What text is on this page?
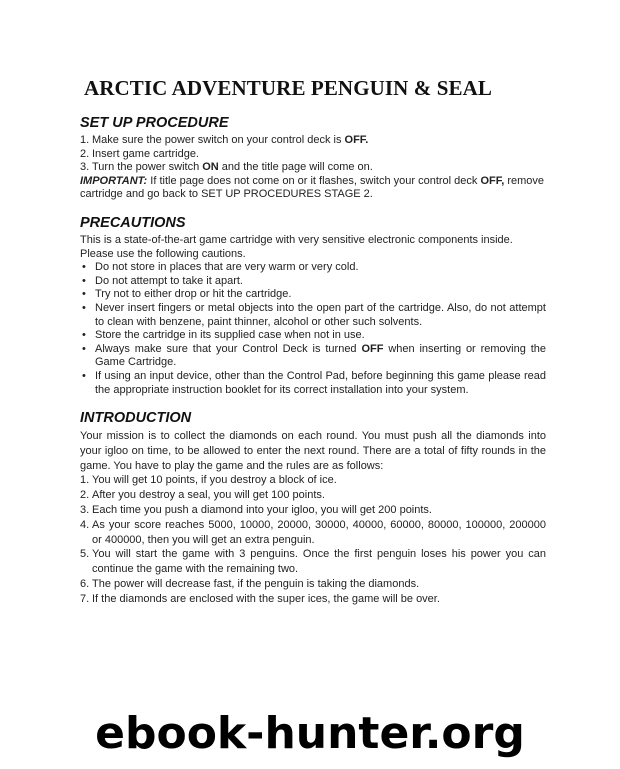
ARCTIC ADVENTURE PENGUIN & SEAL
SET UP PROCEDURE
1. Make sure the power switch on your control deck is OFF.
2. Insert game cartridge.
3. Turn the power switch ON and the title page will come on.
IMPORTANT: If title page does not come on or it flashes, switch your control deck OFF, remove cartridge and go back to SET UP PROCEDURES STAGE 2.
PRECAUTIONS
This is a state-of-the-art game cartridge with very sensitive electronic components inside.
Please use the following cautions.
• Do not store in places that are very warm or very cold.
• Do not attempt to take it apart.
• Try not to either drop or hit the cartridge.
• Never insert fingers or metal objects into the open part of the cartridge. Also, do not attempt to clean with benzene, paint thinner, alcohol or other such solvents.
• Store the cartridge in its supplied case when not in use.
• Always make sure that your Control Deck is turned OFF when inserting or removing the Game Cartridge.
• If using an input device, other than the Control Pad, before beginning this game please read the appropriate instruction booklet for its correct installation into your system.
INTRODUCTION
Your mission is to collect the diamonds on each round. You must push all the diamonds into your igloo on time, to be allowed to enter the next round. There are a total of fifty rounds in the game. You have to play the game and the rules are as follows:
1. You will get 10 points, if you destroy a block of ice.
2. After you destroy a seal, you will get 100 points.
3. Each time you push a diamond into your igloo, you will get 200 points.
4. As your score reaches 5000, 10000, 20000, 30000, 40000, 60000, 80000, 100000, 200000 or 400000, then you will get an extra penguin.
5. You will start the game with 3 penguins. Once the first penguin loses his power you can continue the game with the remaining two.
6. The power will decrease fast, if the penguin is taking the diamonds.
7. If the diamonds are enclosed with the super ices, the game will be over.
ebook-hunter.org
